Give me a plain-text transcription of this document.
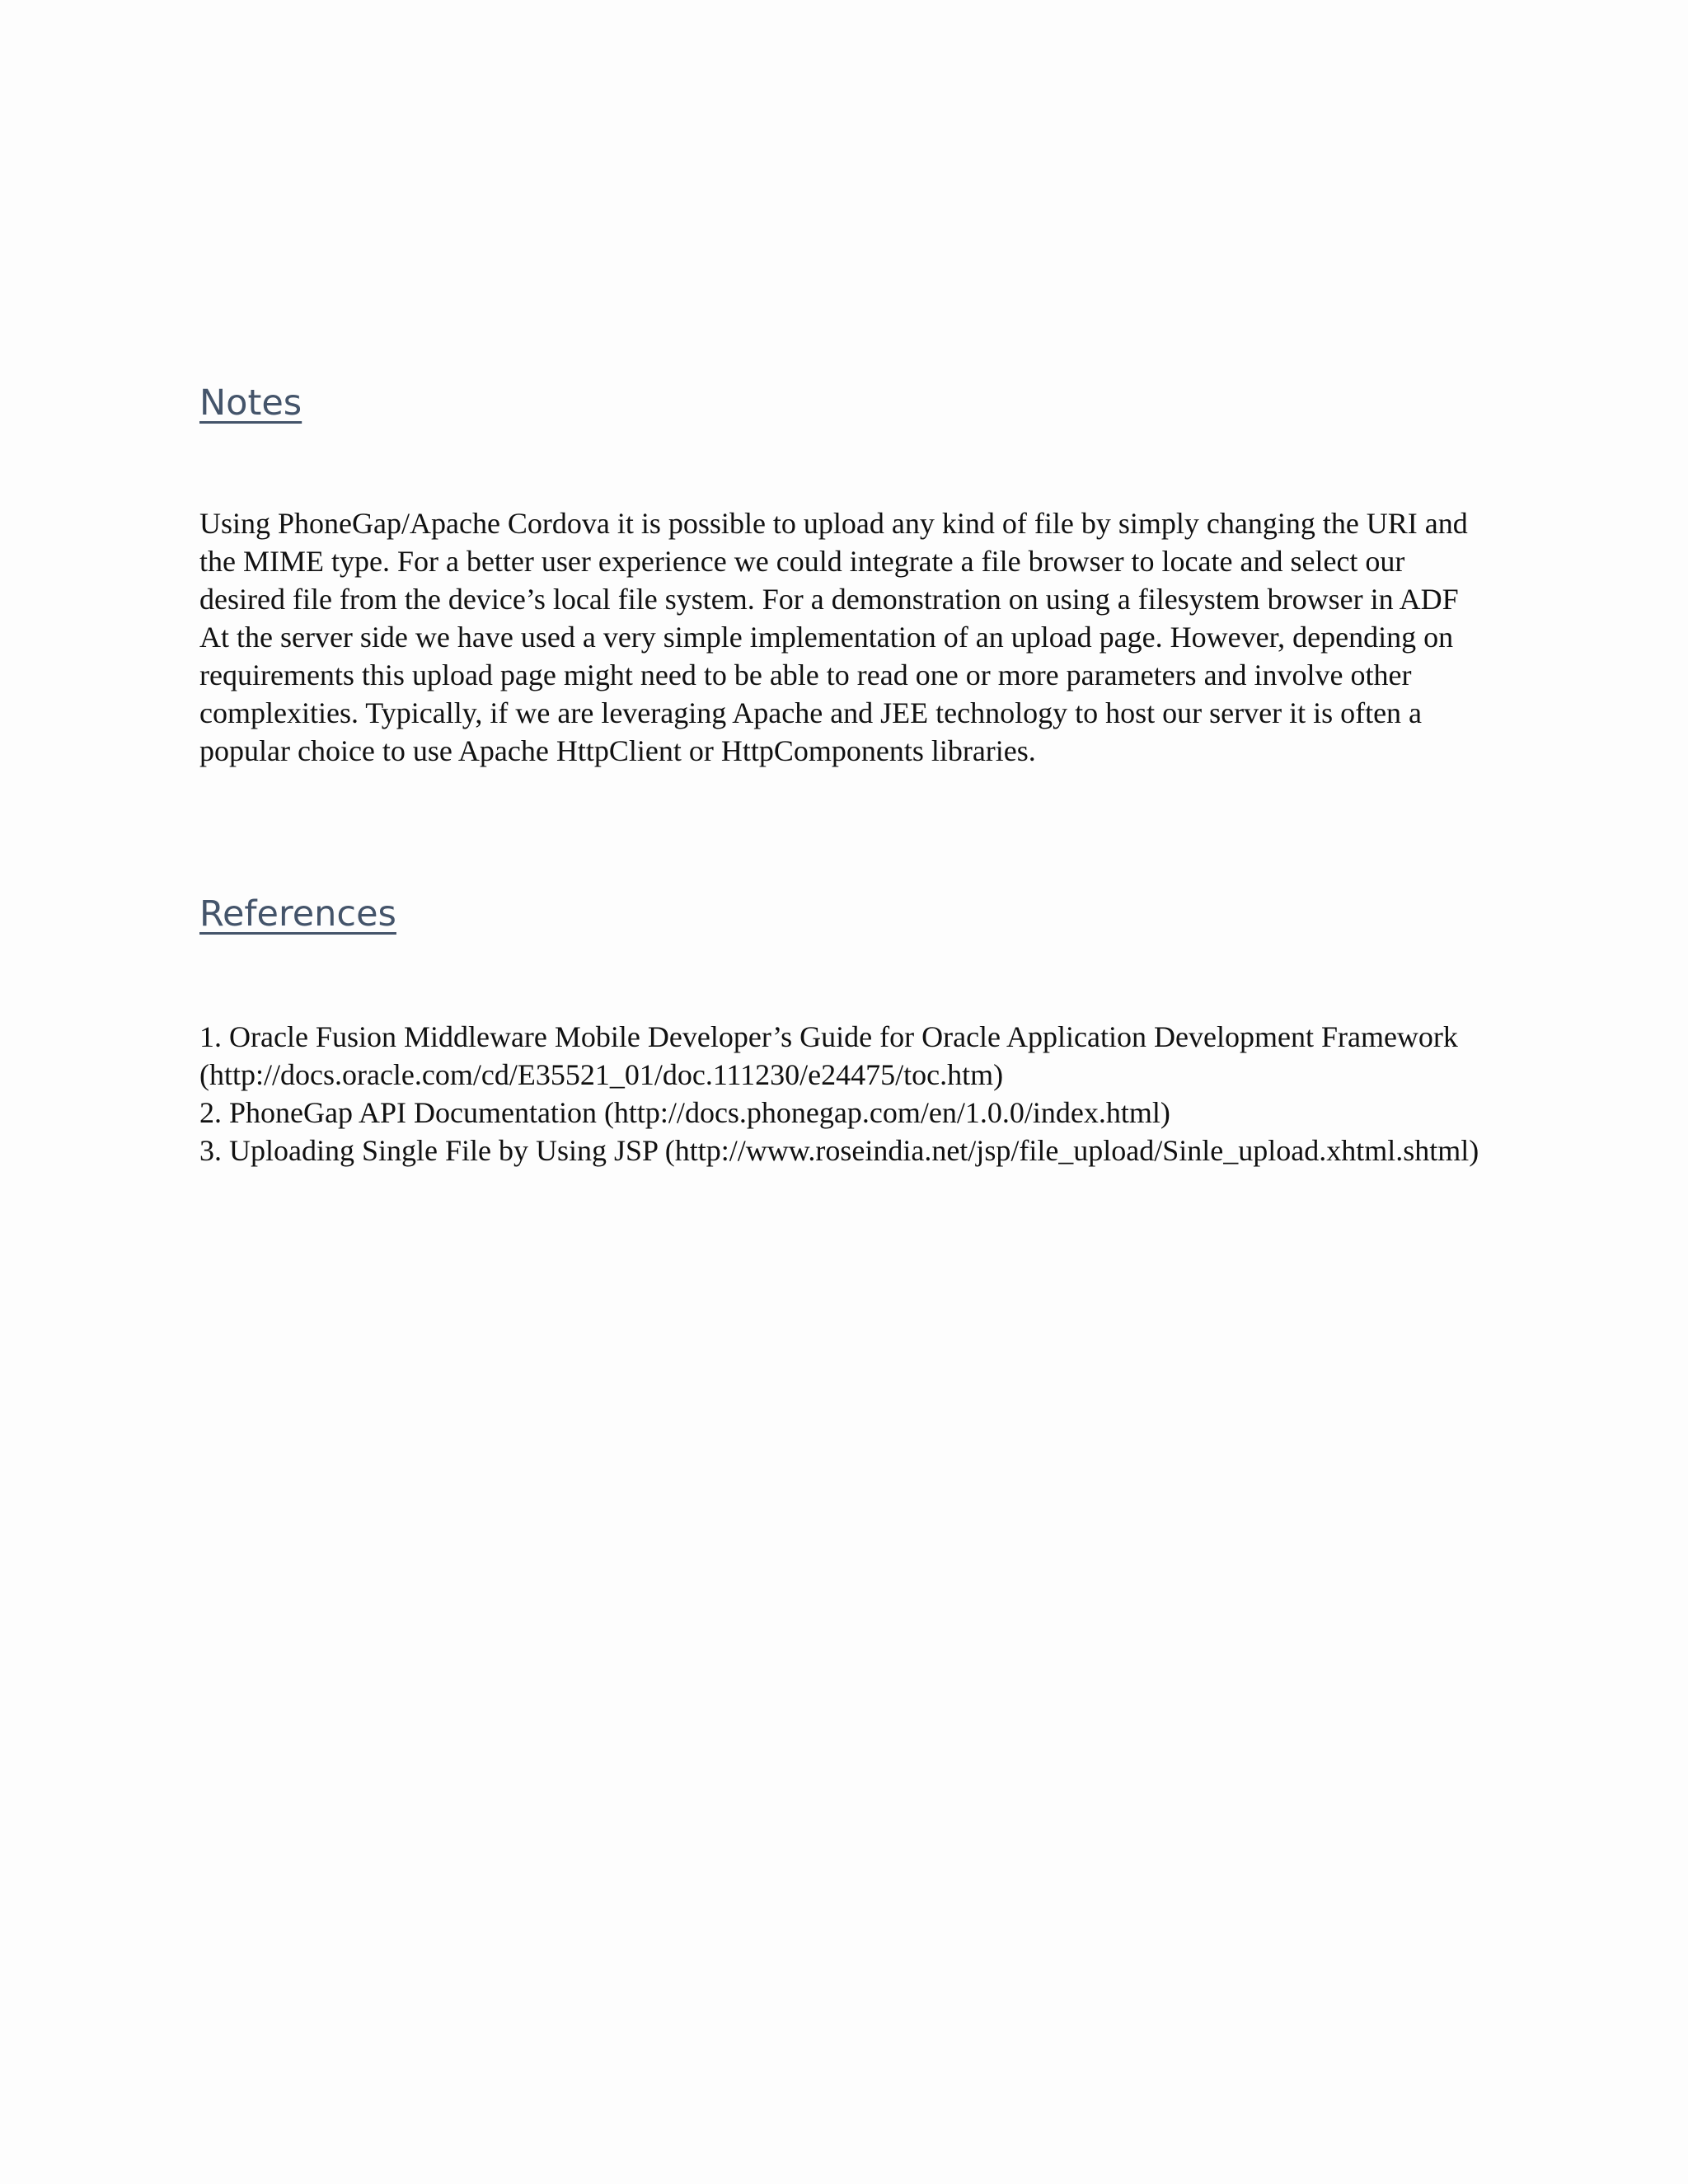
Notes

Using PhoneGap/Apache Cordova it is possible to upload any kind of file by simply changing the URI and the MIME type. For a better user experience we could integrate a file browser to locate and select our desired file from the device’s local file system. For a demonstration on using a filesystem browser in ADF

At the server side we have used a very simple implementation of an upload page. However, depending on requirements this upload page might need to be able to read one or more parameters and involve other complexities. Typically, if we are leveraging Apache and JEE technology to host our server it is often a popular choice to use Apache HttpClient or HttpComponents libraries.

References
1. Oracle Fusion Middleware Mobile Developer’s Guide for Oracle Application Development Framework (http://docs.oracle.com/cd/E35521_01/doc.111230/e24475/toc.htm)
2. PhoneGap API Documentation (http://docs.phonegap.com/en/1.0.0/index.html)
3. Uploading Single File by Using JSP (http://www.roseindia.net/jsp/file_upload/Sinle_upload.xhtml.shtml)
